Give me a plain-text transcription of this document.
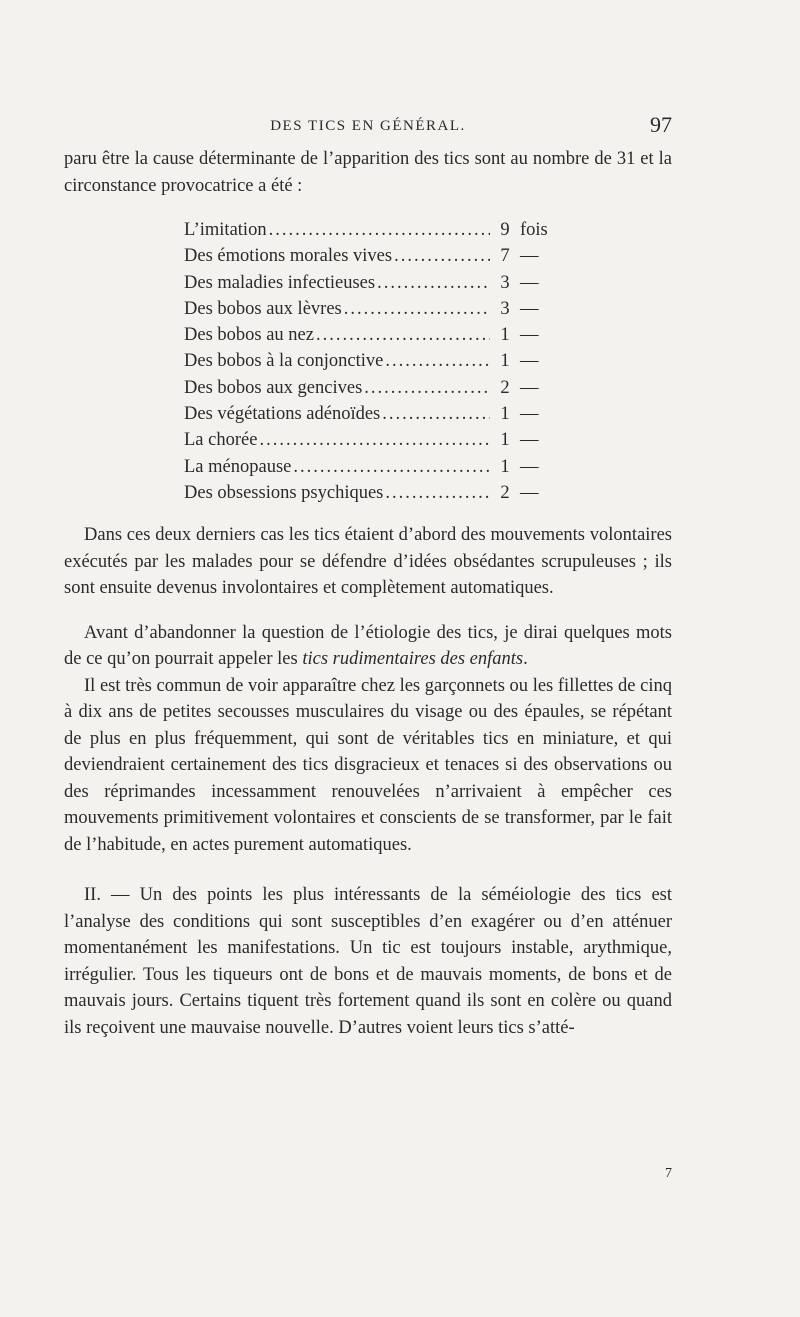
DES TICS EN GÉNÉRAL.	97

paru être la cause déterminante de l’apparition des tics sont au nombre de 31 et la circonstance provocatrice a été :

L’imitation .....	9 fois
Des émotions morales vives .....	7 —
Des maladies infectieuses .....	3 —
Des bobos aux lèvres .....	3 —
Des bobos au nez .....	1 —
Des bobos à la conjonctive .....	1 —
Des bobos aux gencives .....	2 —
Des végétations adénoïdes .....	1 —
La chorée .....	1 —
La ménopause .....	1 —
Des obsessions psychiques .....	2 —

Dans ces deux derniers cas les tics étaient d’abord des mouvements volontaires exécutés par les malades pour se défendre d’idées obsédantes scrupuleuses ; ils sont ensuite devenus involontaires et complètement automatiques.

Avant d’abandonner la question de l’étiologie des tics, je dirai quelques mots de ce qu’on pourrait appeler les tics rudimentaires des enfants.

Il est très commun de voir apparaître chez les garçonnets ou les fillettes de cinq à dix ans de petites secousses musculaires du visage ou des épaules, se répétant de plus en plus fréquemment, qui sont de véritables tics en miniature, et qui deviendraient certainement des tics disgracieux et tenaces si des observations ou des réprimandes incessamment renouvelées n’arrivaient à empêcher ces mouvements primitivement volontaires et conscients de se transformer, par le fait de l’habitude, en actes purement automatiques.

II. — Un des points les plus intéressants de la séméiologie des tics est l’analyse des conditions qui sont susceptibles d’en exagérer ou d’en atténuer momentanément les manifestations. Un tic est toujours instable, arythmique, irrégulier. Tous les tiqueurs ont de bons et de mauvais moments, de bons et de mauvais jours. Certains tiquent très fortement quand ils sont en colère ou quand ils reçoivent une mauvaise nouvelle. D’autres voient leurs tics s’atté-

7
